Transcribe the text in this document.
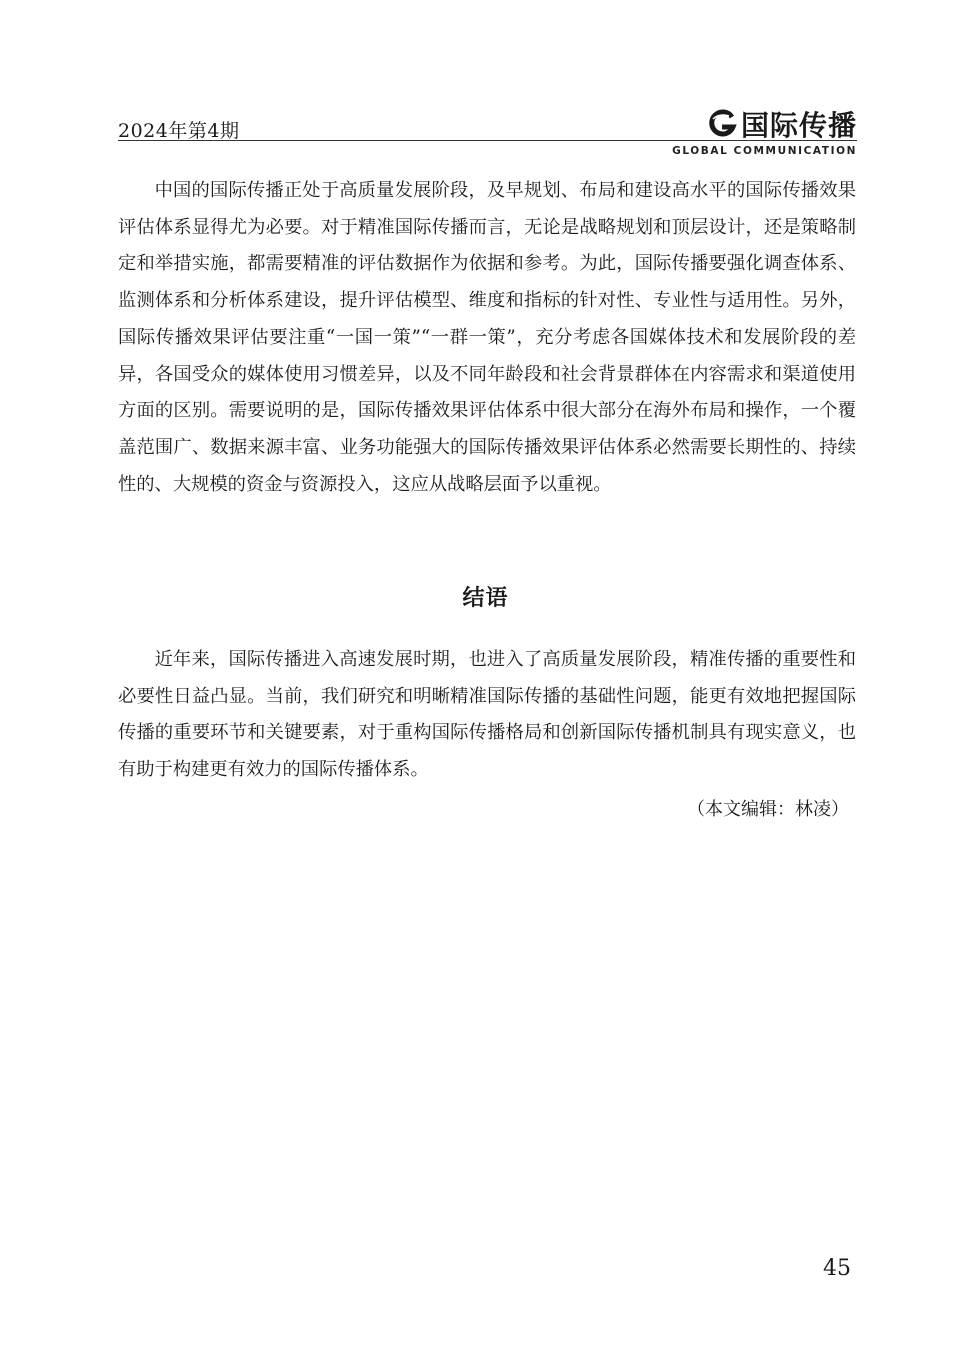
2024年第4期	国际传播
GLOBAL COMMUNICATION

中国的国际传播正处于高质量发展阶段，及早规划、布局和建设高水平的国际传播效果评估体系显得尤为必要。对于精准国际传播而言，无论是战略规划和顶层设计，还是策略制定和举措实施，都需要精准的评估数据作为依据和参考。为此，国际传播要强化调查体系、监测体系和分析体系建设，提升评估模型、维度和指标的针对性、专业性与适用性。另外，国际传播效果评估要注重“一国一策”“一群一策”，充分考虑各国媒体技术和发展阶段的差异，各国受众的媒体使用习惯差异，以及不同年龄段和社会背景群体在内容需求和渠道使用方面的区别。需要说明的是，国际传播效果评估体系中很大部分在海外布局和操作，一个覆盖范围广、数据来源丰富、业务功能强大的国际传播效果评估体系必然需要长期性的、持续性的、大规模的资金与资源投入，这应从战略层面予以重视。

结语

近年来，国际传播进入高速发展时期，也进入了高质量发展阶段，精准传播的重要性和必要性日益凸显。当前，我们研究和明晰精准国际传播的基础性问题，能更有效地把握国际传播的重要环节和关键要素，对于重构国际传播格局和创新国际传播机制具有现实意义，也有助于构建更有效力的国际传播体系。

（本文编辑：林凌）
45
